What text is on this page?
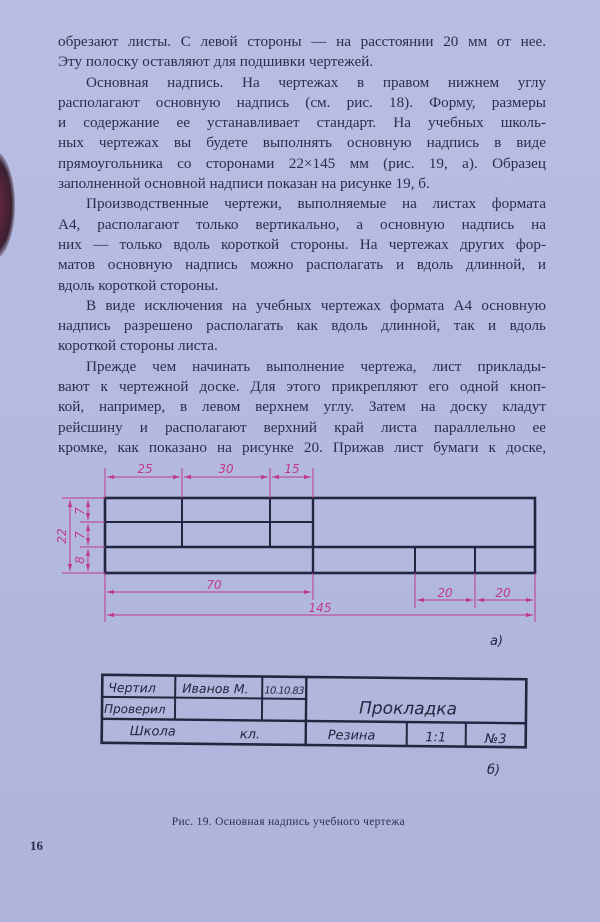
обрезают листы. С левой стороны — на расстоянии 20 мм от нее.
Эту полоску оставляют для подшивки чертежей.
Основная надпись. На чертежах в правом нижнем углу
располагают основную надпись (см. рис. 18). Форму, размеры
и содержание ее устанавливает стандарт. На учебных школь-
ных чертежах вы будете выполнять основную надпись в виде
прямоугольника со сторонами 22×145 мм (рис. 19, а). Образец
заполненной основной надписи показан на рисунке 19, б.
Производственные чертежи, выполняемые на листах формата
А4, располагают только вертикально, а основную надпись на
них — только вдоль короткой стороны. На чертежах других фор-
матов основную надпись можно располагать и вдоль длинной, и
вдоль короткой стороны.
В виде исключения на учебных чертежах формата А4 основную
надпись разрешено располагать как вдоль длинной, так и вдоль
короткой стороны листа.
Прежде чем начинать выполнение чертежа, лист приклады-
вают к чертежной доске. Для этого прикрепляют его одной кноп-
кой, например, в левом верхнем углу. Затем на доску кладут
рейсшину и располагают верхний край листа параллельно ее
кромке, как показано на рисунке 20. Прижав лист бумаги к доске,
25	30	15
22
7
7
8
70
20	20
145
а)
Чертил Иванов М. 10.10.83
Проверил
Школа	кл.
Прокладка
Резина	1:1	№3
б)
Рис. 19. Основная надпись учебного чертежа
16
